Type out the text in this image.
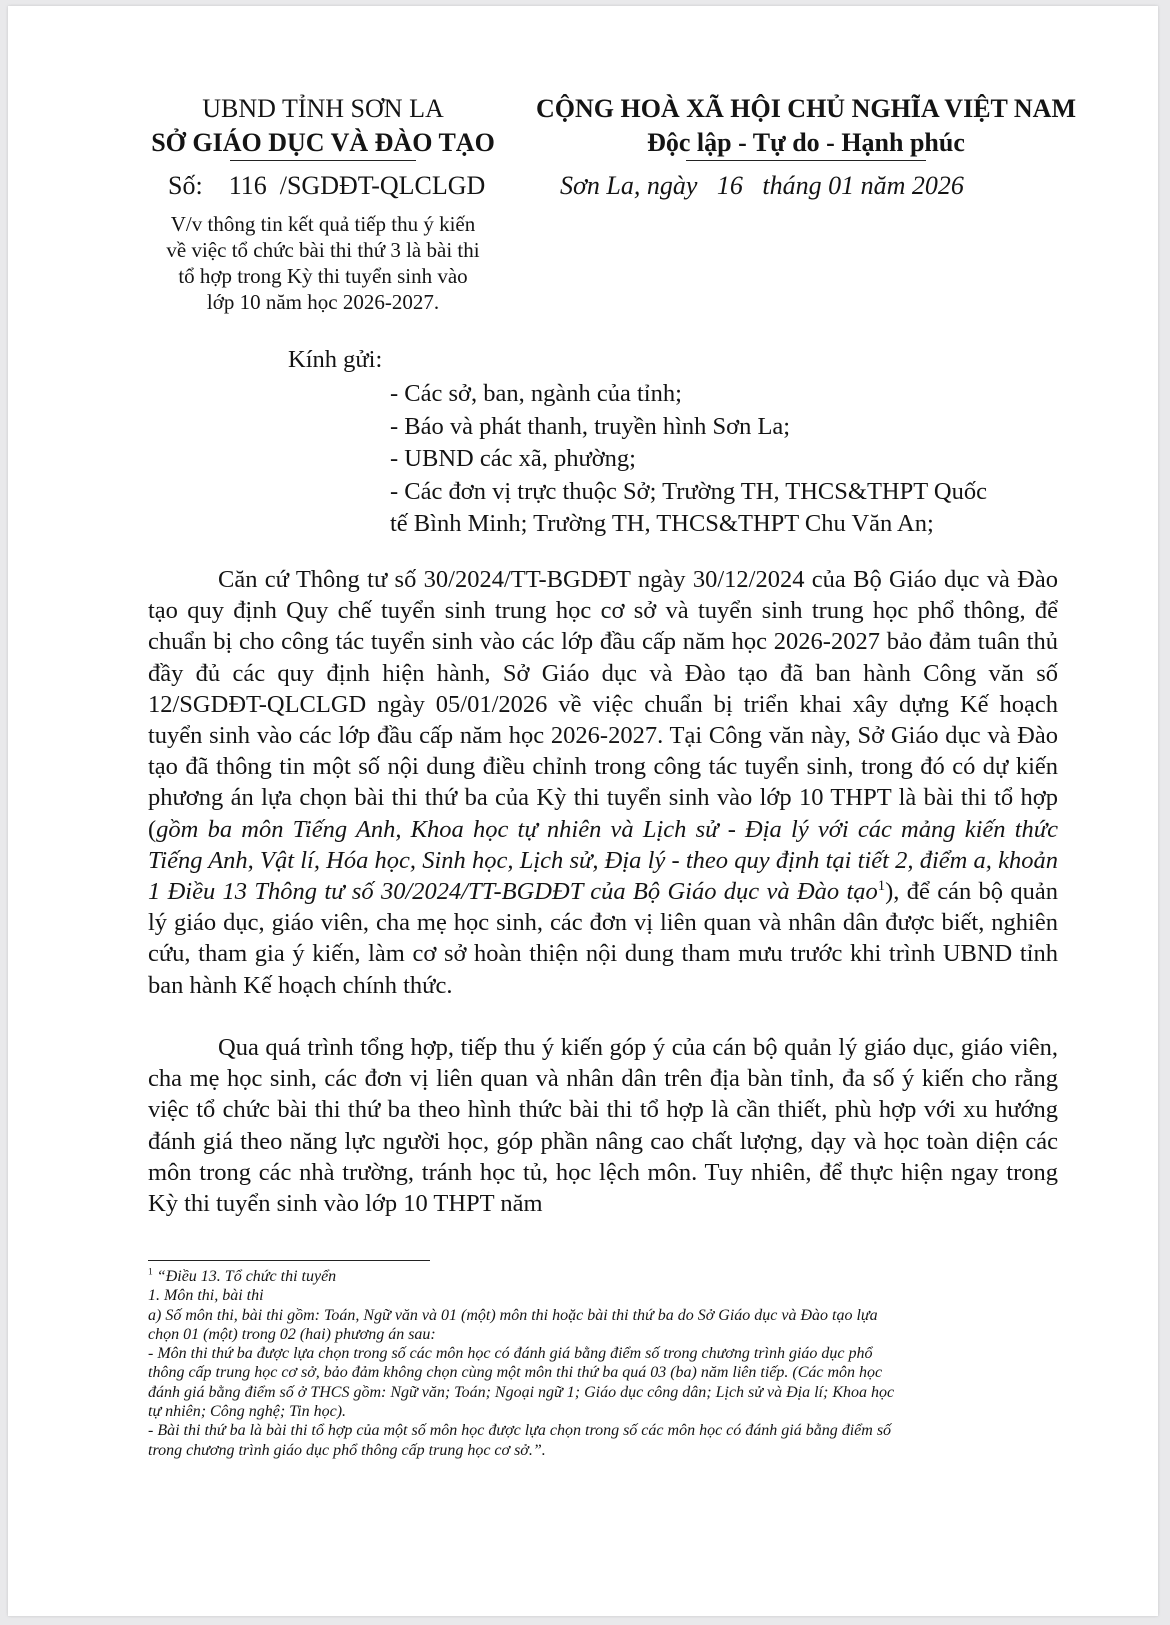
UBND TỈNH SƠN LA
SỞ GIÁO DỤC VÀ ĐÀO TẠO
CỘNG HOÀ XÃ HỘI CHỦ NGHĨA VIỆT NAM
Độc lập - Tự do - Hạnh phúc
Số: 116 /SGDĐT-QLCLGD	Sơn La, ngày 16 tháng 01 năm 2026
V/v thông tin kết quả tiếp thu ý kiến
về việc tổ chức bài thi thứ 3 là bài thi
tổ hợp trong Kỳ thi tuyển sinh vào
lớp 10 năm học 2026-2027.
Kính gửi:
- Các sở, ban, ngành của tỉnh;
- Báo và phát thanh, truyền hình Sơn La;
- UBND các xã, phường;
- Các đơn vị trực thuộc Sở; Trường TH, THCS&THPT Quốc
tế Bình Minh; Trường TH, THCS&THPT Chu Văn An;

Căn cứ Thông tư số 30/2024/TT-BGDĐT ngày 30/12/2024 của Bộ Giáo dục và Đào tạo quy định Quy chế tuyển sinh trung học cơ sở và tuyển sinh trung học phổ thông, để chuẩn bị cho công tác tuyển sinh vào các lớp đầu cấp năm học 2026-2027 bảo đảm tuân thủ đầy đủ các quy định hiện hành, Sở Giáo dục và Đào tạo đã ban hành Công văn số 12/SGDĐT-QLCLGD ngày 05/01/2026 về việc chuẩn bị triển khai xây dựng Kế hoạch tuyển sinh vào các lớp đầu cấp năm học 2026-2027. Tại Công văn này, Sở Giáo dục và Đào tạo đã thông tin một số nội dung điều chỉnh trong công tác tuyển sinh, trong đó có dự kiến phương án lựa chọn bài thi thứ ba của Kỳ thi tuyển sinh vào lớp 10 THPT là bài thi tổ hợp (gồm ba môn Tiếng Anh, Khoa học tự nhiên và Lịch sử - Địa lý với các mảng kiến thức Tiếng Anh, Vật lí, Hóa học, Sinh học, Lịch sử, Địa lý - theo quy định tại tiết 2, điểm a, khoản 1 Điều 13 Thông tư số 30/2024/TT-BGDĐT của Bộ Giáo dục và Đào tạo$^1$), để cán bộ quản lý giáo dục, giáo viên, cha mẹ học sinh, các đơn vị liên quan và nhân dân được biết, nghiên cứu, tham gia ý kiến, làm cơ sở hoàn thiện nội dung tham mưu trước khi trình UBND tỉnh ban hành Kế hoạch chính thức.

Qua quá trình tổng hợp, tiếp thu ý kiến góp ý của cán bộ quản lý giáo dục, giáo viên, cha mẹ học sinh, các đơn vị liên quan và nhân dân trên địa bàn tỉnh, đa số ý kiến cho rằng việc tổ chức bài thi thứ ba theo hình thức bài thi tổ hợp là cần thiết, phù hợp với xu hướng đánh giá theo năng lực người học, góp phần nâng cao chất lượng, dạy và học toàn diện các môn trong các nhà trường, tránh học tủ, học lệch môn. Tuy nhiên, để thực hiện ngay trong Kỳ thi tuyển sinh vào lớp 10 THPT năm

$^1$ “Điều 13. Tổ chức thi tuyển
1. Môn thi, bài thi
a) Số môn thi, bài thi gồm: Toán, Ngữ văn và 01 (một) môn thi hoặc bài thi thứ ba do Sở Giáo dục và Đào tạo lựa
chọn 01 (một) trong 02 (hai) phương án sau:
- Môn thi thứ ba được lựa chọn trong số các môn học có đánh giá bằng điểm số trong chương trình giáo dục phổ
thông cấp trung học cơ sở, bảo đảm không chọn cùng một môn thi thứ ba quá 03 (ba) năm liên tiếp. (Các môn học
đánh giá bằng điểm số ở THCS gồm: Ngữ văn; Toán; Ngoại ngữ 1; Giáo dục công dân; Lịch sử và Địa lí; Khoa học
tự nhiên; Công nghệ; Tin học).
- Bài thi thứ ba là bài thi tổ hợp của một số môn học được lựa chọn trong số các môn học có đánh giá bằng điểm số
trong chương trình giáo dục phổ thông cấp trung học cơ sở.”.
